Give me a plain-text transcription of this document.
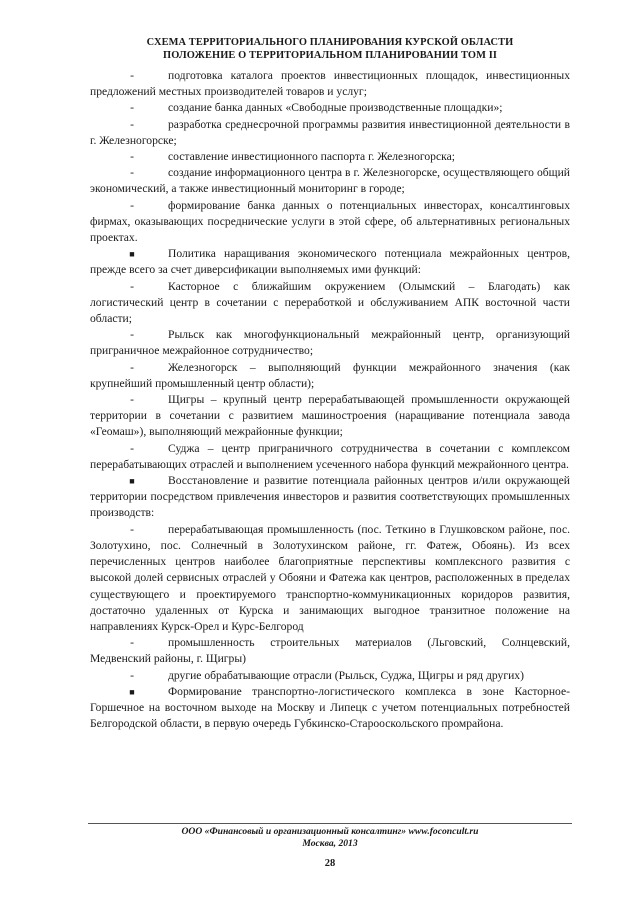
СХЕМА ТЕРРИТОРИАЛЬНОГО ПЛАНИРОВАНИЯ КУРСКОЙ ОБЛАСТИ
ПОЛОЖЕНИЕ О ТЕРРИТОРИАЛЬНОМ ПЛАНИРОВАНИИ ТОМ II

-	подготовка каталога проектов инвестиционных площадок, инвестиционных предложений местных производителей товаров и услуг;

-	создание банка данных «Свободные производственные площадки»;

-	разработка среднесрочной программы развития инвестиционной деятельности в г. Железногорске;

-	составление инвестиционного паспорта г. Железногорска;

-	создание информационного центра в г. Железногорске, осуществляющего общий экономический, а также инвестиционный мониторинг в городе;

-	формирование банка данных о потенциальных инвесторах, консалтинговых фирмах, оказывающих посреднические услуги в этой сфере, об альтернативных региональных проектах.

■	Политика наращивания экономического потенциала межрайонных центров, прежде всего за счет диверсификации выполняемых ими функций:

-	Касторное с ближайшим окружением (Олымский – Благодать) как логистический центр в сочетании с переработкой и обслуживанием АПК восточной части области;

-	Рыльск как многофункциональный межрайонный центр, организующий приграничное межрайонное сотрудничество;

-	Железногорск – выполняющий функции межрайонного значения (как крупнейший промышленный центр области);

-	Щигры – крупный центр перерабатывающей промышленности окружающей территории в сочетании с развитием машиностроения (наращивание потенциала завода «Геомаш»), выполняющий межрайонные функции;

-	Суджа – центр приграничного сотрудничества в сочетании с комплексом перерабатывающих отраслей и выполнением усеченного набора функций межрайонного центра.

■	Восстановление и развитие потенциала районных центров и/или окружающей территории посредством привлечения инвесторов и развития соответствующих промышленных производств:

-	перерабатывающая промышленность (пос. Теткино в Глушковском районе, пос. Золотухино, пос. Солнечный в Золотухинском районе, гг. Фатеж, Обоянь). Из всех перечисленных центров наиболее благоприятные перспективы комплексного развития с высокой долей сервисных отраслей у Обояни и Фатежа как центров, расположенных в пределах существующего и проектируемого транспортно-коммуникационных коридоров развития, достаточно удаленных от Курска и занимающих выгодное транзитное положение на направлениях Курск-Орел и Курс-Белгород

-	промышленность строительных материалов (Льговский, Солнцевский, Медвенский районы, г. Щигры)

-	другие обрабатывающие отрасли (Рыльск, Суджа, Щигры и ряд других)

■	Формирование транспортно-логистического комплекса в зоне Касторное-Горшечное на восточном выходе на Москву и Липецк с учетом потенциальных потребностей Белгородской области, в первую очередь Губкинско-Старооскольского промрайона.

ООО «Финансовый и организационный консалтинг» www.foconcult.ru
Москва, 2013
28
